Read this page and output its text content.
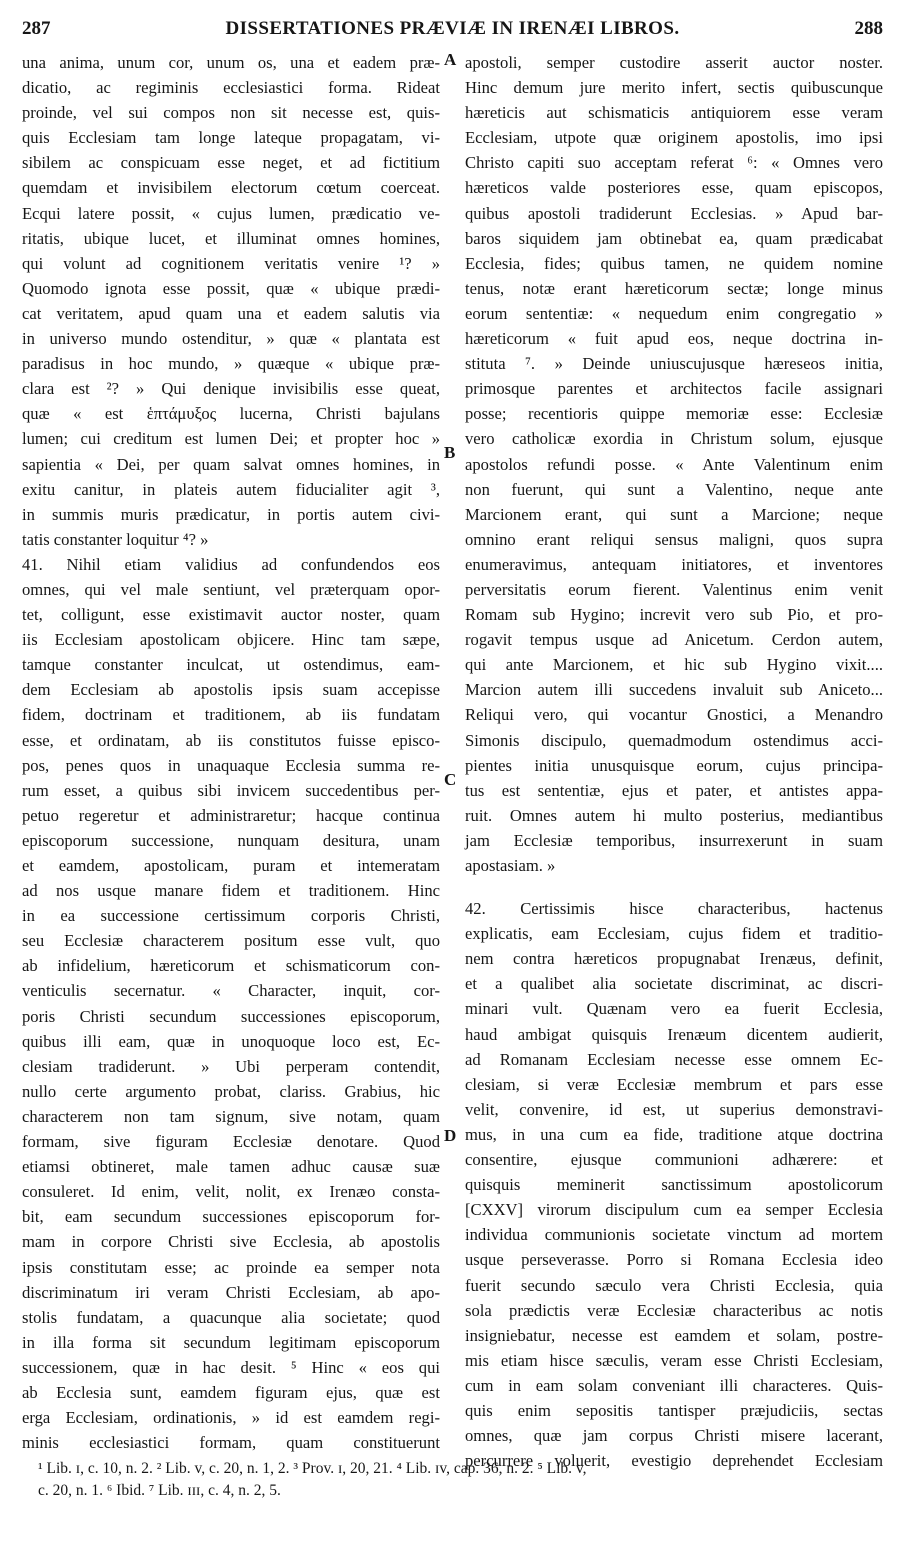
287	DISSERTATIONES PRÆVIÆ IN IRENÆI LIBROS.	288
una anima, unum cor, unum os, una et eadem præ-
dicatio, ac regiminis ecclesiastici forma. Rideat
proinde, vel sui compos non sit necesse est, quis-
quis Ecclesiam tam longe lateque propagatam, vi-
sibilem ac conspicuam esse neget, et ad fictitium
quemdam et invisibilem electorum cœtum coerceat.
Ecqui latere possit, « cujus lumen, prædicatio ve-
ritatis, ubique lucet, et illuminat omnes homines,
qui volunt ad cognitionem veritatis venire ¹? »
Quomodo ignota esse possit, quæ « ubique prædi-
cat veritatem, apud quam una et eadem salutis via
in universo mundo ostenditur, » quæ « plantata est
paradisus in hoc mundo, » quæque « ubique præ-
clara est ²? » Qui denique invisibilis esse queat,
quæ « est ἑπτάμυξος lucerna, Christi bajulans
lumen; cui creditum est lumen Dei; et propter hoc »
sapientia « Dei, per quam salvat omnes homines, in
exitu canitur, in plateis autem fiducialiter agit ³,
in summis muris prædicatur, in portis autem civi-
tatis constanter loquitur ⁴? »
41. Nihil etiam validius ad confundendos eos
omnes, qui vel male sentiunt, vel præterquam opor-
tet, colligunt, esse existimavit auctor noster, quam
iis Ecclesiam apostolicam objicere. Hinc tam sæpe,
tamque constanter inculcat, ut ostendimus, eam-
dem Ecclesiam ab apostolis ipsis suam accepisse
fidem, doctrinam et traditionem, ab iis fundatam
esse, et ordinatam, ab iis constitutos fuisse episco-
pos, penes quos in unaquaque Ecclesia summa re-
rum esset, a quibus sibi invicem succedentibus per-
petuo regeretur et administraretur; hacque continua
episcoporum successione, nunquam desitura, unam
et eamdem, apostolicam, puram et intemeratam
ad nos usque manare fidem et traditionem. Hinc
in ea successione certissimum corporis Christi,
seu Ecclesiæ characterem positum esse vult, quo
ab infidelium, hæreticorum et schismaticorum con-
venticulis secernatur. « Character, inquit, cor-
poris Christi secundum successiones episcoporum,
quibus illi eam, quæ in unoquoque loco est, Ec-
clesiam tradiderunt. » Ubi perperam contendit,
nullo certe argumento probat, clariss. Grabius, hic
characterem non tam signum, sive notam, quam
formam, sive figuram Ecclesiæ denotare. Quod
etiamsi obtineret, male tamen adhuc causæ suæ
consuleret. Id enim, velit, nolit, ex Irenæo consta-
bit, eam secundum successiones episcoporum for-
mam in corpore Christi sive Ecclesia, ab apostolis
ipsis constitutam esse; ac proinde ea semper nota
discriminatum iri veram Christi Ecclesiam, ab apo-
stolis fundatam, a quacunque alia societate; quod
in illa forma sit secundum legitimam episcoporum
successionem, quæ in hac desit. ⁵ Hinc « eos qui
ab Ecclesia sunt, eamdem figuram ejus, quæ est
erga Ecclesiam, ordinationis, » id est eamdem regi-
minis ecclesiastici formam, quam constituerunt
apostoli, semper custodire asserit auctor noster.
Hinc demum jure merito infert, sectis quibuscunque
hæreticis aut schismaticis antiquiorem esse veram
Ecclesiam, utpote quæ originem apostolis, imo ipsi
Christo capiti suo acceptam referat ⁶: « Omnes vero
hæreticos valde posteriores esse, quam episcopos,
quibus apostoli tradiderunt Ecclesias. » Apud bar-
baros siquidem jam obtinebat ea, quam prædicabat
Ecclesia, fides; quibus tamen, ne quidem nomine
tenus, notæ erant hæreticorum sectæ; longe minus
eorum sententiæ: « nequedum enim congregatio »
hæreticorum « fuit apud eos, neque doctrina in-
stituta ⁷. » Deinde uniuscujusque hæreseos initia,
primosque parentes et architectos facile assignari
posse; recentioris quippe memoriæ esse: Ecclesiæ
vero catholicæ exordia in Christum solum, ejusque
apostolos refundi posse. « Ante Valentinum enim
non fuerunt, qui sunt a Valentino, neque ante
Marcionem erant, qui sunt a Marcione; neque
omnino erant reliqui sensus maligni, quos supra
enumeravimus, antequam initiatores, et inventores
perversitatis eorum fierent. Valentinus enim venit
Romam sub Hygino; increvit vero sub Pio, et pro-
rogavit tempus usque ad Anicetum. Cerdon autem,
qui ante Marcionem, et hic sub Hygino vixit....
Marcion autem illi succedens invaluit sub Aniceto...
Reliqui vero, qui vocantur Gnostici, a Menandro
Simonis discipulo, quemadmodum ostendimus acci-
pientes initia unusquisque eorum, cujus principa-
tus est sententiæ, ejus et pater, et antistes appa-
ruit. Omnes autem hi multo posterius, mediantibus
jam Ecclesiæ temporibus, insurrexerunt in suam
apostasiam. »
42. Certissimis hisce characteribus, hactenus
explicatis, eam Ecclesiam, cujus fidem et traditio-
nem contra hæreticos propugnabat Irenæus, definit,
et a qualibet alia societate discriminat, ac discri-
minari vult. Quænam vero ea fuerit Ecclesia,
haud ambigat quisquis Irenæum dicentem audierit,
ad Romanam Ecclesiam necesse esse omnem Ec-
clesiam, si veræ Ecclesiæ membrum et pars esse
velit, convenire, id est, ut superius demonstravi-
mus, in una cum ea fide, traditione atque doctrina
consentire, ejusque communioni adhærere: et
quisquis meminerit sanctissimum apostolicorum
[CXXV] virorum discipulum cum ea semper Ecclesia
individua communionis societate vinctum ad mortem
usque perseverasse. Porro si Romana Ecclesia ideo
fuerit secundo sæculo vera Christi Ecclesia, quia
sola prædictis veræ Ecclesiæ characteribus ac notis
insigniebatur, necesse est eamdem et solam, postre-
mis etiam hisce sæculis, veram esse Christi Ecclesiam,
cum in eam solam conveniant illi characteres. Quis-
quis enim sepositis tantisper præjudiciis, sectas
omnes, quæ jam corpus Christi misere lacerant,
percurrere voluerit, evestigio deprehendet Ecclesiam
A
B
C
D
¹ Lib. ɪ, c. 10, n. 2. ² Lib. v, c. 20, n. 1, 2. ³ Prov. ɪ, 20, 21. ⁴ Lib. ɪv, cap. 36, n. 2. ⁵ Lib. v,
c. 20, n. 1. ⁶ Ibid. ⁷ Lib. ɪɪɪ, c. 4, n. 2, 5.
